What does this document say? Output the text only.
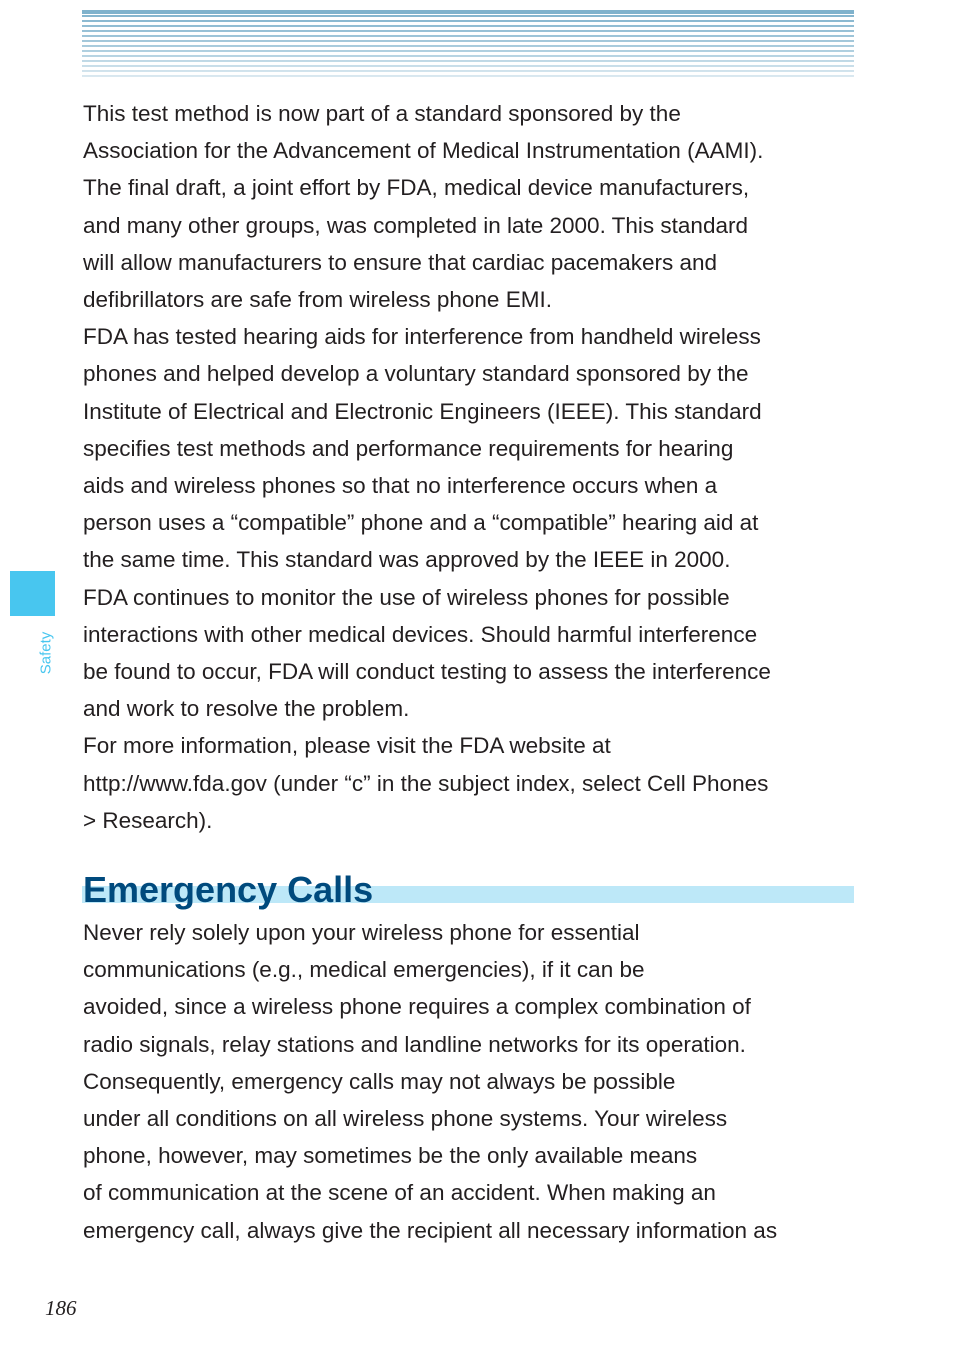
Safety
This test method is now part of a standard sponsored by the
Association for the Advancement of Medical Instrumentation (AAMI).
The final draft, a joint effort by FDA, medical device manufacturers,
and many other groups, was completed in late 2000. This standard
will allow manufacturers to ensure that cardiac pacemakers and
defibrillators are safe from wireless phone EMI.
FDA has tested hearing aids for interference from handheld wireless
phones and helped develop a voluntary standard sponsored by the
Institute of Electrical and Electronic Engineers (IEEE). This standard
specifies test methods and performance requirements for hearing
aids and wireless phones so that no interference occurs when a
person uses a “compatible” phone and a “compatible” hearing aid at
the same time. This standard was approved by the IEEE in 2000.
FDA continues to monitor the use of wireless phones for possible
interactions with other medical devices. Should harmful interference
be found to occur, FDA will conduct testing to assess the interference
and work to resolve the problem.
For more information, please visit the FDA website at
http://www.fda.gov (under “c” in the subject index, select Cell Phones
> Research).
Emergency Calls
Never rely solely upon your wireless phone for essential
communications (e.g., medical emergencies), if it can be
avoided, since a wireless phone requires a complex combination of
radio signals, relay stations and landline networks for its operation.
Consequently, emergency calls may not always be possible
under all conditions on all wireless phone systems. Your wireless
phone, however, may sometimes be the only available means
of communication at the scene of an accident. When making an
emergency call, always give the recipient all necessary information as
186
